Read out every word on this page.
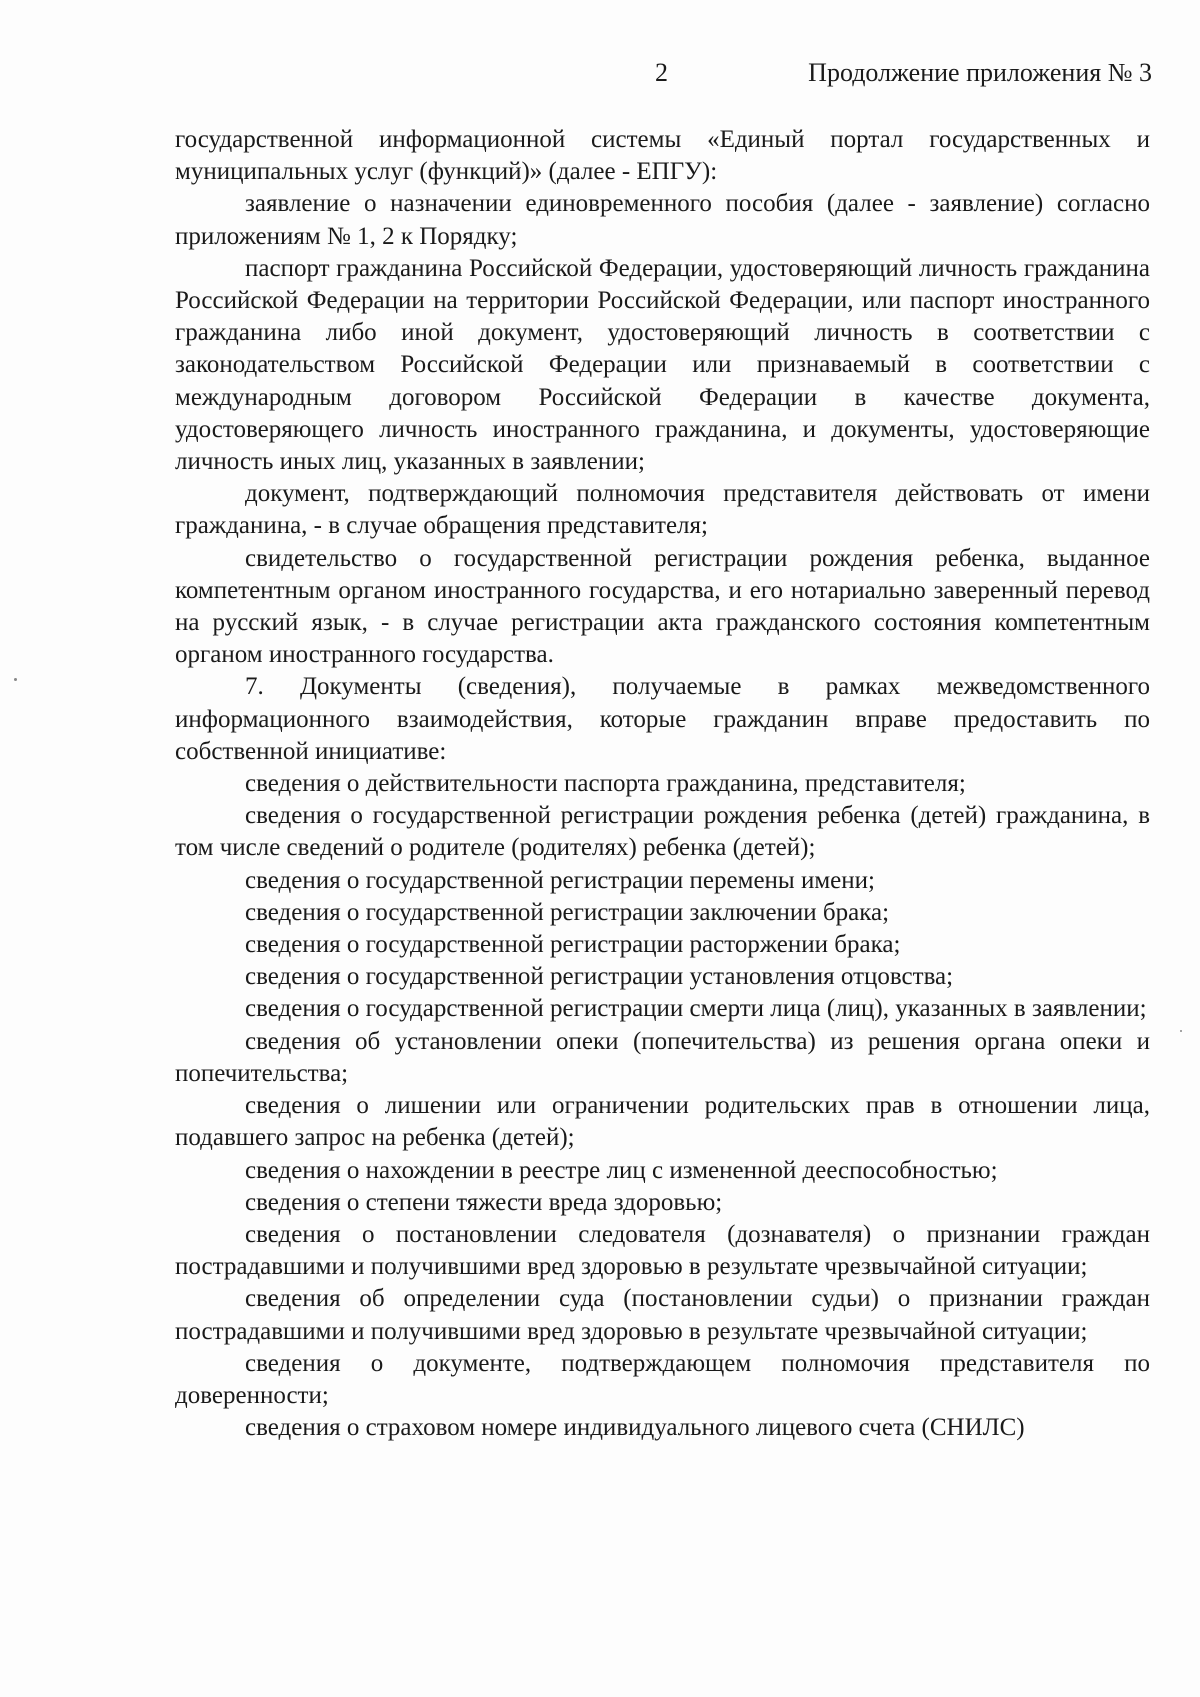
2	Продолжение приложения № 3

государственной информационной системы «Единый портал государственных и муниципальных услуг (функций)» (далее - ЕПГУ):

заявление о назначении единовременного пособия (далее - заявление) согласно приложениям № 1, 2 к Порядку;

паспорт гражданина Российской Федерации, удостоверяющий личность гражданина Российской Федерации на территории Российской Федерации, или паспорт иностранного гражданина либо иной документ, удостоверяющий личность в соответствии с законодательством Российской Федерации или признаваемый в соответствии с международным договором Российской Федерации в качестве документа, удостоверяющего личность иностранного гражданина, и документы, удостоверяющие личность иных лиц, указанных в заявлении;

документ, подтверждающий полномочия представителя действовать от имени гражданина, - в случае обращения представителя;

свидетельство о государственной регистрации рождения ребенка, выданное компетентным органом иностранного государства, и его нотариально заверенный перевод на русский язык, - в случае регистрации акта гражданского состояния компетентным органом иностранного государства.

7. Документы (сведения), получаемые в рамках межведомственного информационного взаимодействия, которые гражданин вправе предоставить по собственной инициативе:

сведения о действительности паспорта гражданина, представителя;

сведения о государственной регистрации рождения ребенка (детей) гражданина, в том числе сведений о родителе (родителях) ребенка (детей);

сведения о государственной регистрации перемены имени;

сведения о государственной регистрации заключении брака;

сведения о государственной регистрации расторжении брака;

сведения о государственной регистрации установления отцовства;

сведения о государственной регистрации смерти лица (лиц), указанных в заявлении;

сведения об установлении опеки (попечительства) из решения органа опеки и попечительства;

сведения о лишении или ограничении родительских прав в отношении лица, подавшего запрос на ребенка (детей);

сведения о нахождении в реестре лиц с измененной дееспособностью;

сведения о степени тяжести вреда здоровью;

сведения о постановлении следователя (дознавателя) о признании граждан пострадавшими и получившими вред здоровью в результате чрезвычайной ситуации;

сведения об определении суда (постановлении судьи) о признании граждан пострадавшими и получившими вред здоровью в результате чрезвычайной ситуации;

сведения о документе, подтверждающем полномочия представителя по доверенности;

сведения о страховом номере индивидуального лицевого счета (СНИЛС)
